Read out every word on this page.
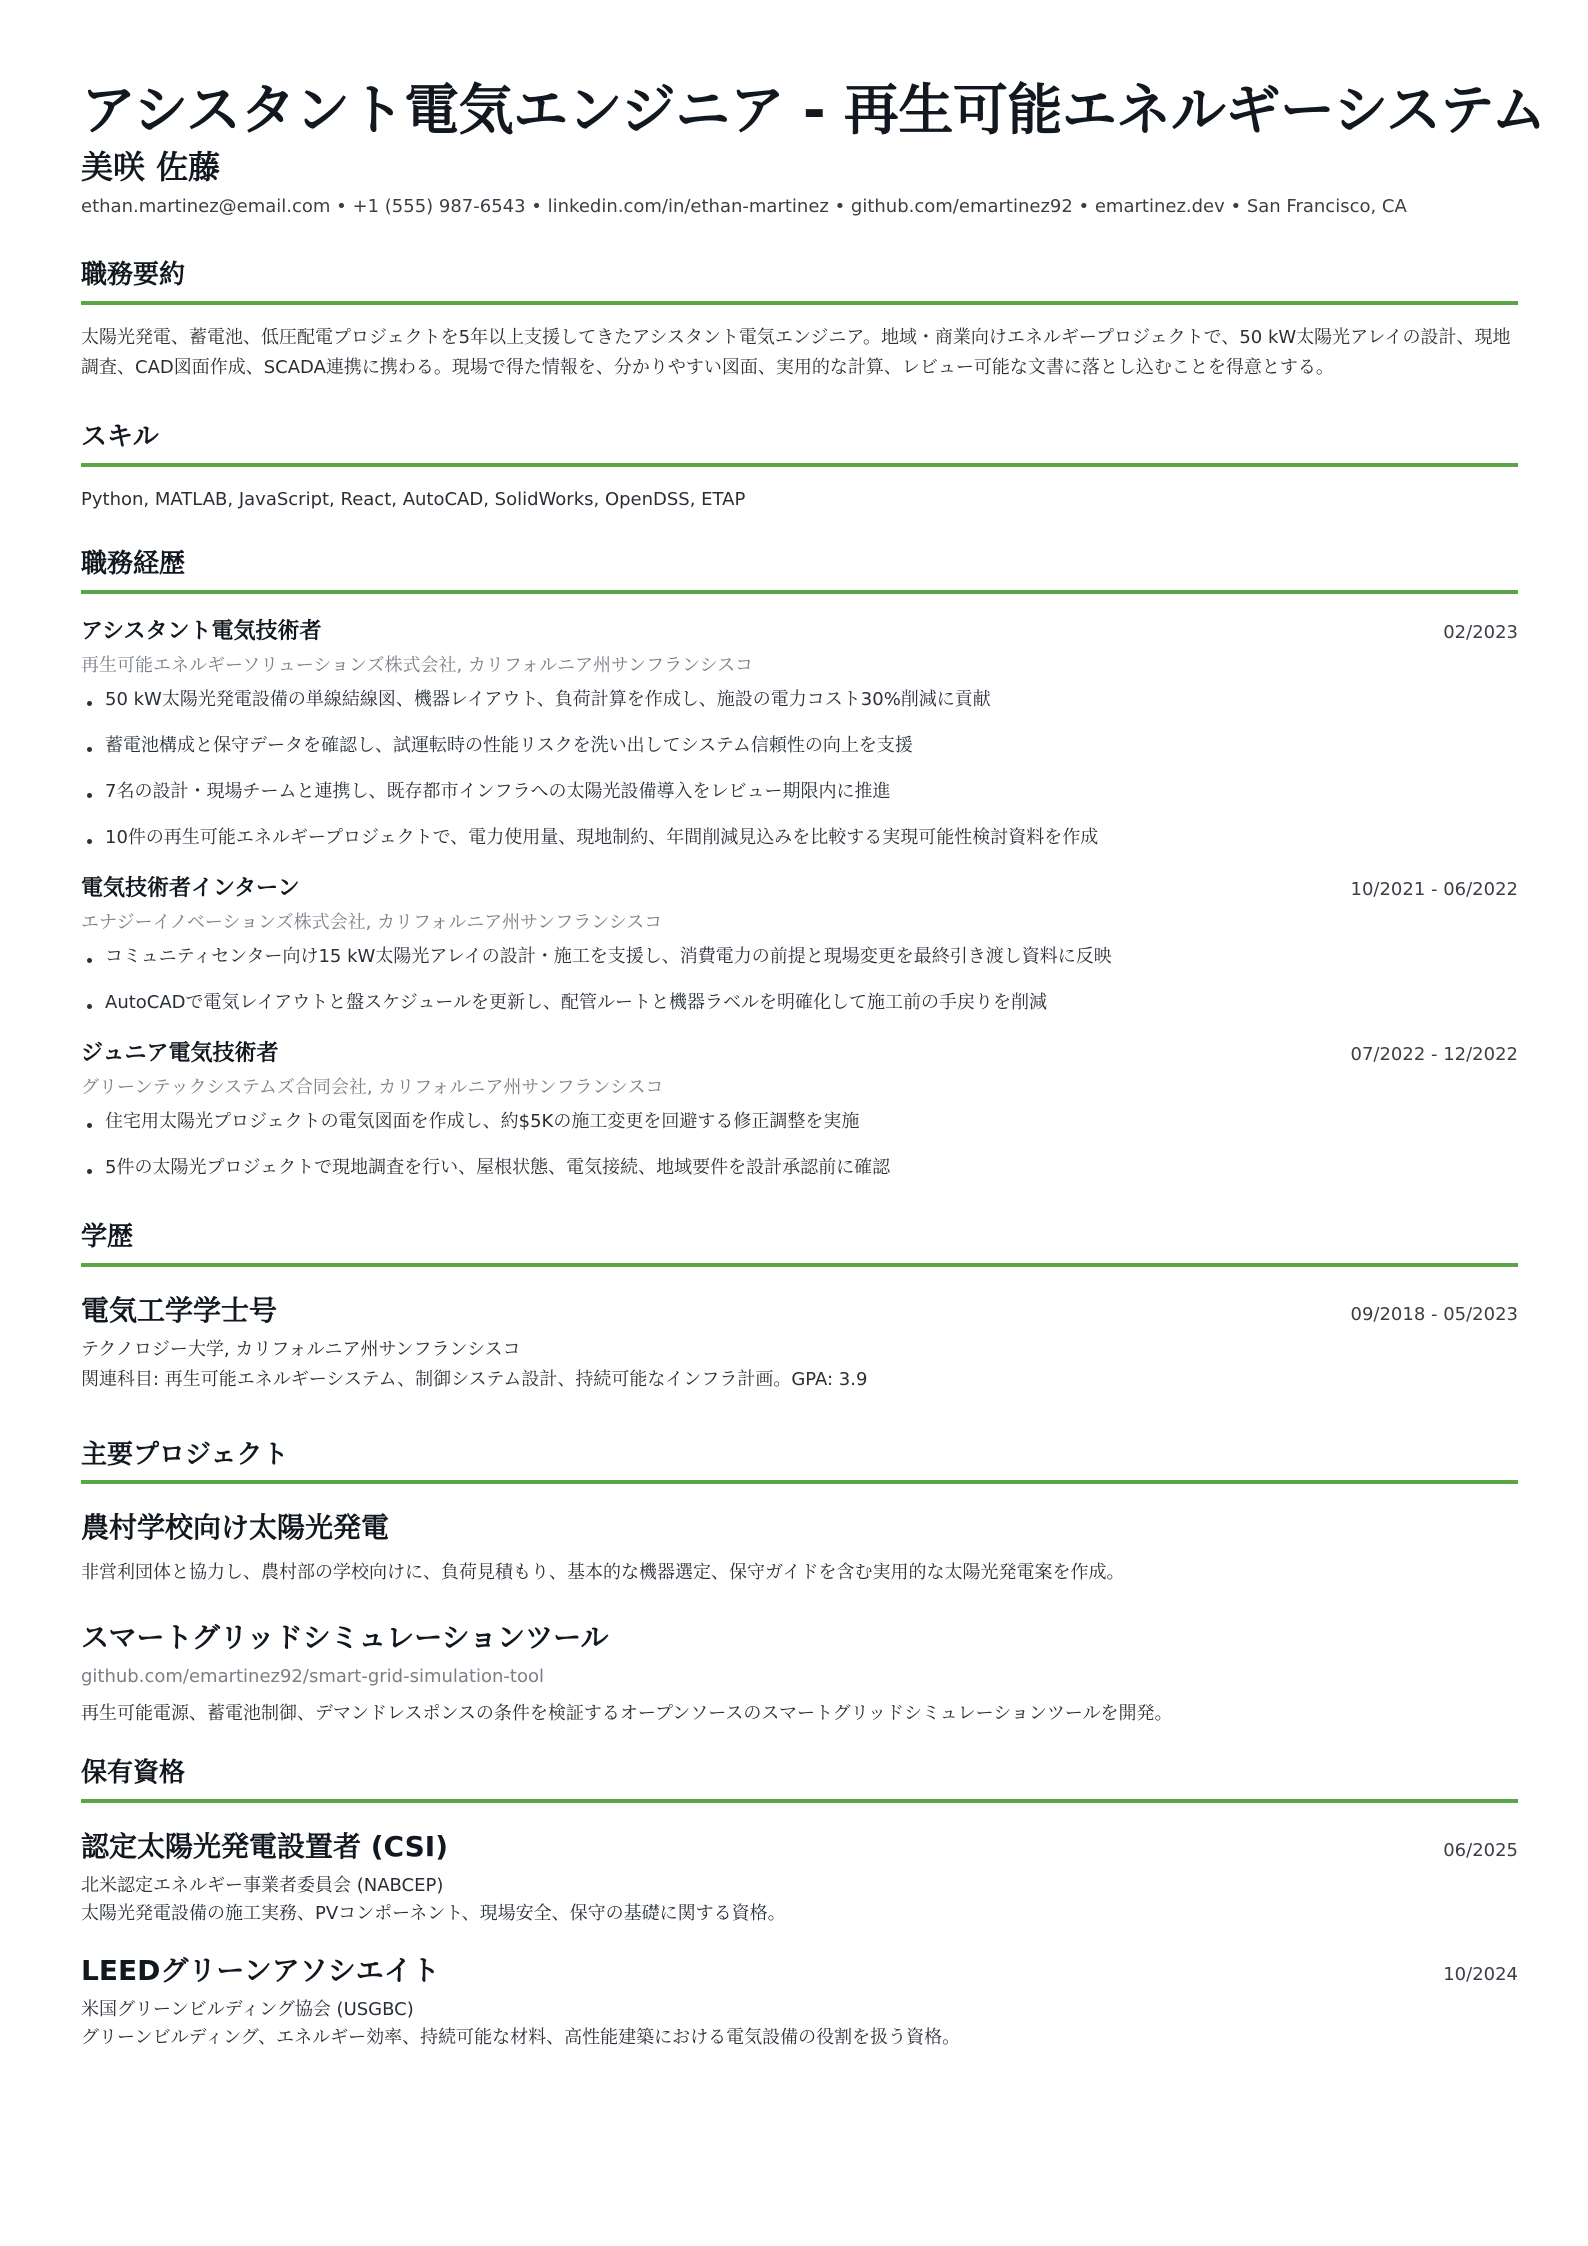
アシスタント電気エンジニア - 再生可能エネルギーシステム
美咲 佐藤
ethan.martinez@email.com • +1 (555) 987-6543 • linkedin.com/in/ethan-martinez • github.com/emartinez92 • emartinez.dev • San Francisco, CA
職務要約
太陽光発電、蓄電池、低圧配電プロジェクトを5年以上支援してきたアシスタント電気エンジニア。地域・商業向けエネルギープロジェクトで、50 kW太陽光アレイの設計、現地調査、CAD図面作成、SCADA連携に携わる。現場で得た情報を、分かりやすい図面、実用的な計算、レビュー可能な文書に落とし込むことを得意とする。
スキル
Python, MATLAB, JavaScript, React, AutoCAD, SolidWorks, OpenDSS, ETAP
職務経歴
アシスタント電気技術者	02/2023
再生可能エネルギーソリューションズ株式会社, カリフォルニア州サンフランシスコ
50 kW太陽光発電設備の単線結線図、機器レイアウト、負荷計算を作成し、施設の電力コスト30%削減に貢献
蓄電池構成と保守データを確認し、試運転時の性能リスクを洗い出してシステム信頼性の向上を支援
7名の設計・現場チームと連携し、既存都市インフラへの太陽光設備導入をレビュー期限内に推進
10件の再生可能エネルギープロジェクトで、電力使用量、現地制約、年間削減見込みを比較する実現可能性検討資料を作成
電気技術者インターン	10/2021 - 06/2022
エナジーイノベーションズ株式会社, カリフォルニア州サンフランシスコ
コミュニティセンター向け15 kW太陽光アレイの設計・施工を支援し、消費電力の前提と現場変更を最終引き渡し資料に反映
AutoCADで電気レイアウトと盤スケジュールを更新し、配管ルートと機器ラベルを明確化して施工前の手戻りを削減
ジュニア電気技術者	07/2022 - 12/2022
グリーンテックシステムズ合同会社, カリフォルニア州サンフランシスコ
住宅用太陽光プロジェクトの電気図面を作成し、約$5Kの施工変更を回避する修正調整を実施
5件の太陽光プロジェクトで現地調査を行い、屋根状態、電気接続、地域要件を設計承認前に確認
学歴
電気工学学士号	09/2018 - 05/2023
テクノロジー大学, カリフォルニア州サンフランシスコ
関連科目: 再生可能エネルギーシステム、制御システム設計、持続可能なインフラ計画。GPA: 3.9
主要プロジェクト
農村学校向け太陽光発電
非営利団体と協力し、農村部の学校向けに、負荷見積もり、基本的な機器選定、保守ガイドを含む実用的な太陽光発電案を作成。
スマートグリッドシミュレーションツール
github.com/emartinez92/smart-grid-simulation-tool
再生可能電源、蓄電池制御、デマンドレスポンスの条件を検証するオープンソースのスマートグリッドシミュレーションツールを開発。
保有資格
認定太陽光発電設置者 (CSI)	06/2025
北米認定エネルギー事業者委員会 (NABCEP)
太陽光発電設備の施工実務、PVコンポーネント、現場安全、保守の基礎に関する資格。
LEEDグリーンアソシエイト	10/2024
米国グリーンビルディング協会 (USGBC)
グリーンビルディング、エネルギー効率、持続可能な材料、高性能建築における電気設備の役割を扱う資格。
